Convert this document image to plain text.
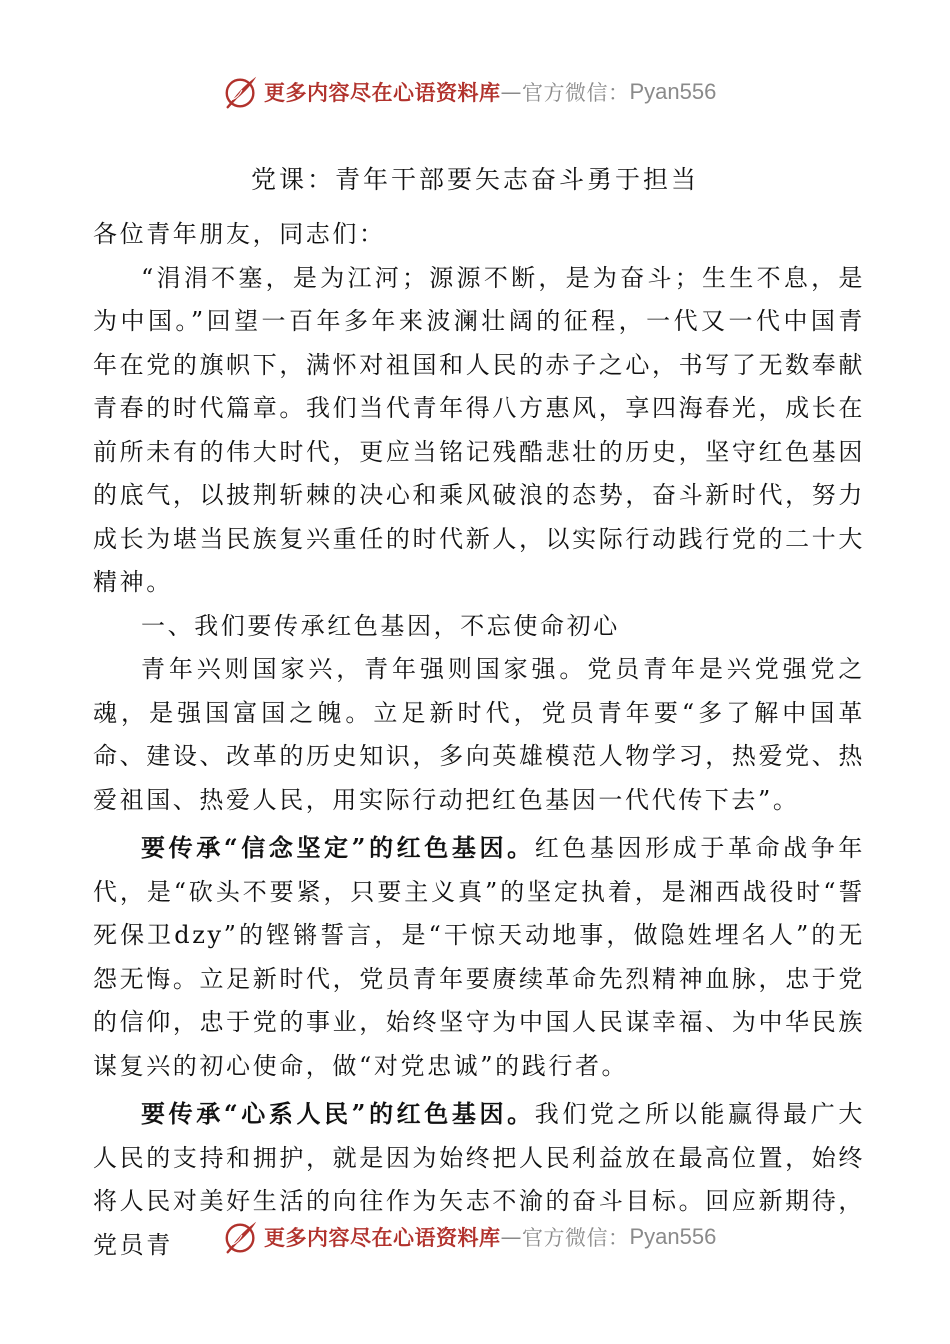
更多内容尽在心语资料库 — 官方微信： Pyan556
党课：青年干部要矢志奋斗勇于担当

各位青年朋友，同志们：

“涓涓不塞，是为江河；源源不断，是为奋斗；生生不息，是为中国。”回望一百年多年来波澜壮阔的征程，一代又一代中国青年在党的旗帜下，满怀对祖国和人民的赤子之心，书写了无数奉献青春的时代篇章。我们当代青年得八方惠风，享四海春光，成长在前所未有的伟大时代，更应当铭记残酷悲壮的历史，坚守红色基因的底气，以披荆斩棘的决心和乘风破浪的态势，奋斗新时代，努力成长为堪当民族复兴重任的时代新人，以实际行动践行党的二十大精神。

一、我们要传承红色基因，不忘使命初心

青年兴则国家兴，青年强则国家强。党员青年是兴党强党之魂，是强国富国之魄。立足新时代，党员青年要“多了解中国革命、建设、改革的历史知识，多向英雄模范人物学习，热爱党、热爱祖国、热爱人民，用实际行动把红色基因一代代传下去”。

要传承“信念坚定”的红色基因。红色基因形成于革命战争年代，是“砍头不要紧，只要主义真”的坚定执着，是湘西战役时“誓死保卫dzy”的铿锵誓言，是“干惊天动地事，做隐姓埋名人”的无怨无悔。立足新时代，党员青年要赓续革命先烈精神血脉，忠于党的信仰，忠于党的事业，始终坚守为中国人民谋幸福、为中华民族谋复兴的初心使命，做“对党忠诚”的践行者。

要传承“心系人民”的红色基因。我们党之所以能赢得最广大人民的支持和拥护，就是因为始终把人民利益放在最高位置，始终将人民对美好生活的向往作为矢志不渝的奋斗目标。回应新期待，党员青	更多内容尽在心语资料库 — 官方微信： Pyan556
